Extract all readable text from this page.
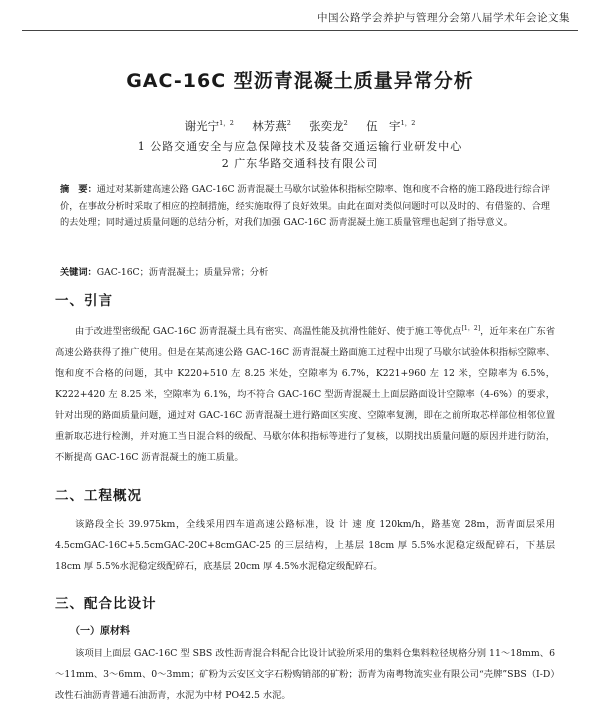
中国公路学会养护与管理分会第八届学术年会论文集
GAC-16C 型沥青混凝土质量异常分析
谢光宁$^{1,2}$ 林芳燕$^2$ 张奕龙$^2$ 伍　宇$^{1,2}$
1 公路交通安全与应急保障技术及装备交通运输行业研发中心
2 广东华路交通科技有限公司

摘　要：通过对某新建高速公路 GAC-16C 沥青混凝土马歇尔试验体积指标空隙率、饱和度不合格的施工路段进行综合评价，在事故分析时采取了相应的控制措施，经实施取得了良好效果。由此在面对类似问题时可以及时的、有借鉴的、合理的去处理；同时通过质量问题的总结分析，对我们加强 GAC-16C 沥青混凝土施工质量管理也起到了指导意义。

关键词：GAC-16C；沥青混凝土；质量异常；分析
一、引言

由于改进型密级配 GAC-16C 沥青混凝土具有密实、高温性能及抗滑性能好、使于施工等优点[1，2]，近年来在广东省高速公路获得了推广使用。但是在某高速公路 GAC-16C 沥青混凝土路面施工过程中出现了马歇尔试验体积指标空隙率、饱和度不合格的问题，其中 K220+510 左 8.25 米处，空隙率为 6.7%，K221+960 左 12 米，空隙率为 6.5%，K222+420 左 8.25 米，空隙率为 6.1%，均不符合 GAC-16C 型沥青混凝土上面层路面设计空隙率（4-6%）的要求，针对出现的路面质量问题，通过对 GAC-16C 沥青混凝土进行路面区实度、空隙率复测，即在之前所取芯样部位相邻位置重新取芯进行检测，并对施工当日混合料的级配、马歇尔体积指标等进行了复核，以期找出质量问题的原因并进行防治，不断提高 GAC-16C 沥青混凝土的施工质量。

二、工程概况

该路段全长 39.975km，全线采用四车道高速公路标准，设 计 速 度 120km/h，路基宽 28m，沥青面层采用 4.5cmGAC-16C+5.5cmGAC-20C+8cmGAC-25 的三层结构，上基层 18cm 厚 5.5%水泥稳定级配碎石，下基层 18cm 厚 5.5%水泥稳定级配碎石，底基层 20cm 厚 4.5%水泥稳定级配碎石。

三、配合比设计
（一）原材料

该项目上面层 GAC-16C 型 SBS 改性沥青混合料配合比设计试验所采用的集料仓集料粒径规格分别 11～18mm、6～11mm、3～6mm、0～3mm；矿粉为云安区文字石粉购销部的矿粉；沥青为南粤物流实业有限公司“壳牌”SBS（I-D）改性石油沥青普通石油沥青，水泥为中材 PO42.5 水泥。
